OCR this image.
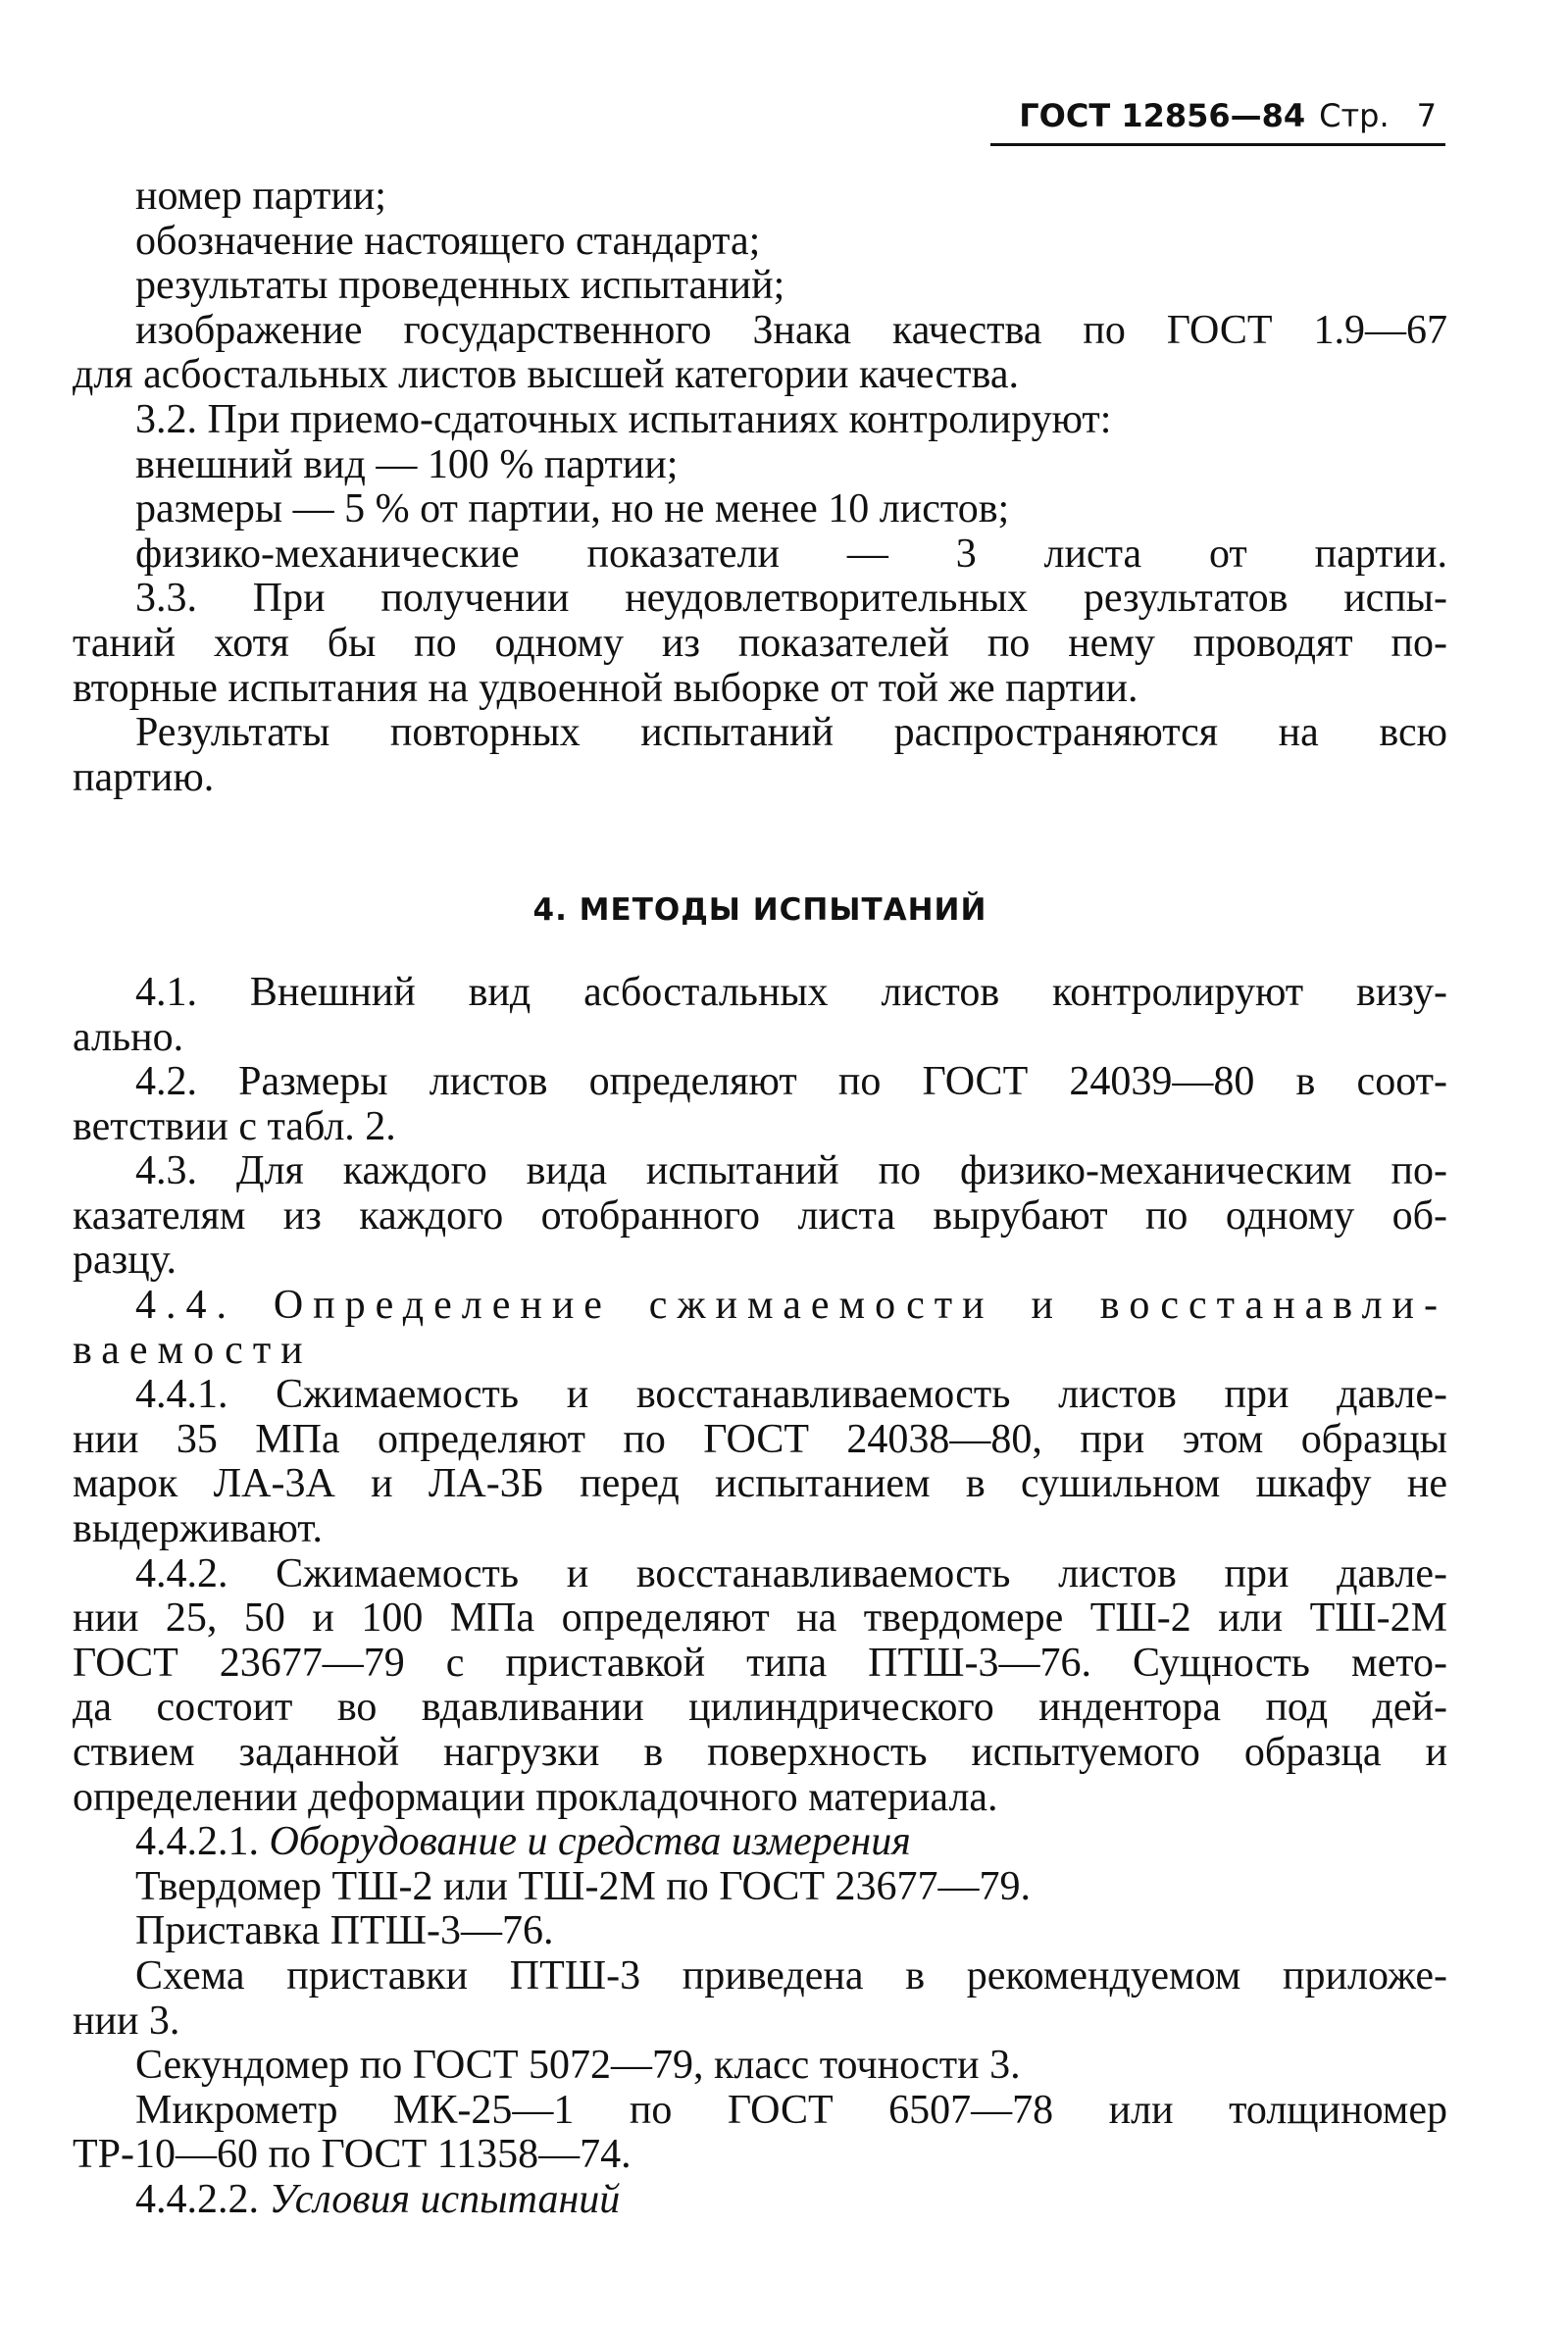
ГОСТ 12856—84 Стр. 7
номер партии;
обозначение настоящего стандарта;
результаты проведенных испытаний;
изображение государственного Знака качества по ГОСТ 1.9—67
для асбостальных листов высшей категории качества.
3.2. При приемо-сдаточных испытаниях контролируют:
внешний вид — 100 % партии;
размеры — 5 % от партии, но не менее 10 листов;
физико-механические показатели — 3 листа от партии.
3.3. При получении неудовлетворительных результатов испы-
таний хотя бы по одному из показателей по нему проводят по-
вторные испытания на удвоенной выборке от той же партии.
Результаты повторных испытаний распространяются на всю
партию.
4. МЕТОДЫ ИСПЫТАНИЙ
4.1. Внешний вид асбостальных листов контролируют визу-
ально.
4.2. Размеры листов определяют по ГОСТ 24039—80 в соот-
ветствии с табл. 2.
4.3. Для каждого вида испытаний по физико-механическим по-
казателям из каждого отобранного листа вырубают по одному об-
разцу.
4.4. Определение сжимаемости и восстанавли-
ваемости
4.4.1. Сжимаемость и восстанавливаемость листов при давле-
нии 35 МПа определяют по ГОСТ 24038—80, при этом образцы
марок ЛА-3А и ЛА-3Б перед испытанием в сушильном шкафу не
выдерживают.
4.4.2. Сжимаемость и восстанавливаемость листов при давле-
нии 25, 50 и 100 МПа определяют на твердомере ТШ-2 или ТШ-2М
ГОСТ 23677—79 с приставкой типа ПТШ-3—76. Сущность мето-
да состоит во вдавливании цилиндрического индентора под дей-
ствием заданной нагрузки в поверхность испытуемого образца и
определении деформации прокладочного материала.
4.4.2.1. Оборудование и средства измерения
Твердомер ТШ-2 или ТШ-2М по ГОСТ 23677—79.
Приставка ПТШ-3—76.
Схема приставки ПТШ-3 приведена в рекомендуемом приложе-
нии 3.
Секундомер по ГОСТ 5072—79, класс точности 3.
Микрометр МК-25—1 по ГОСТ 6507—78 или толщиномер
ТР-10—60 по ГОСТ 11358—74.
4.4.2.2. Условия испытаний
